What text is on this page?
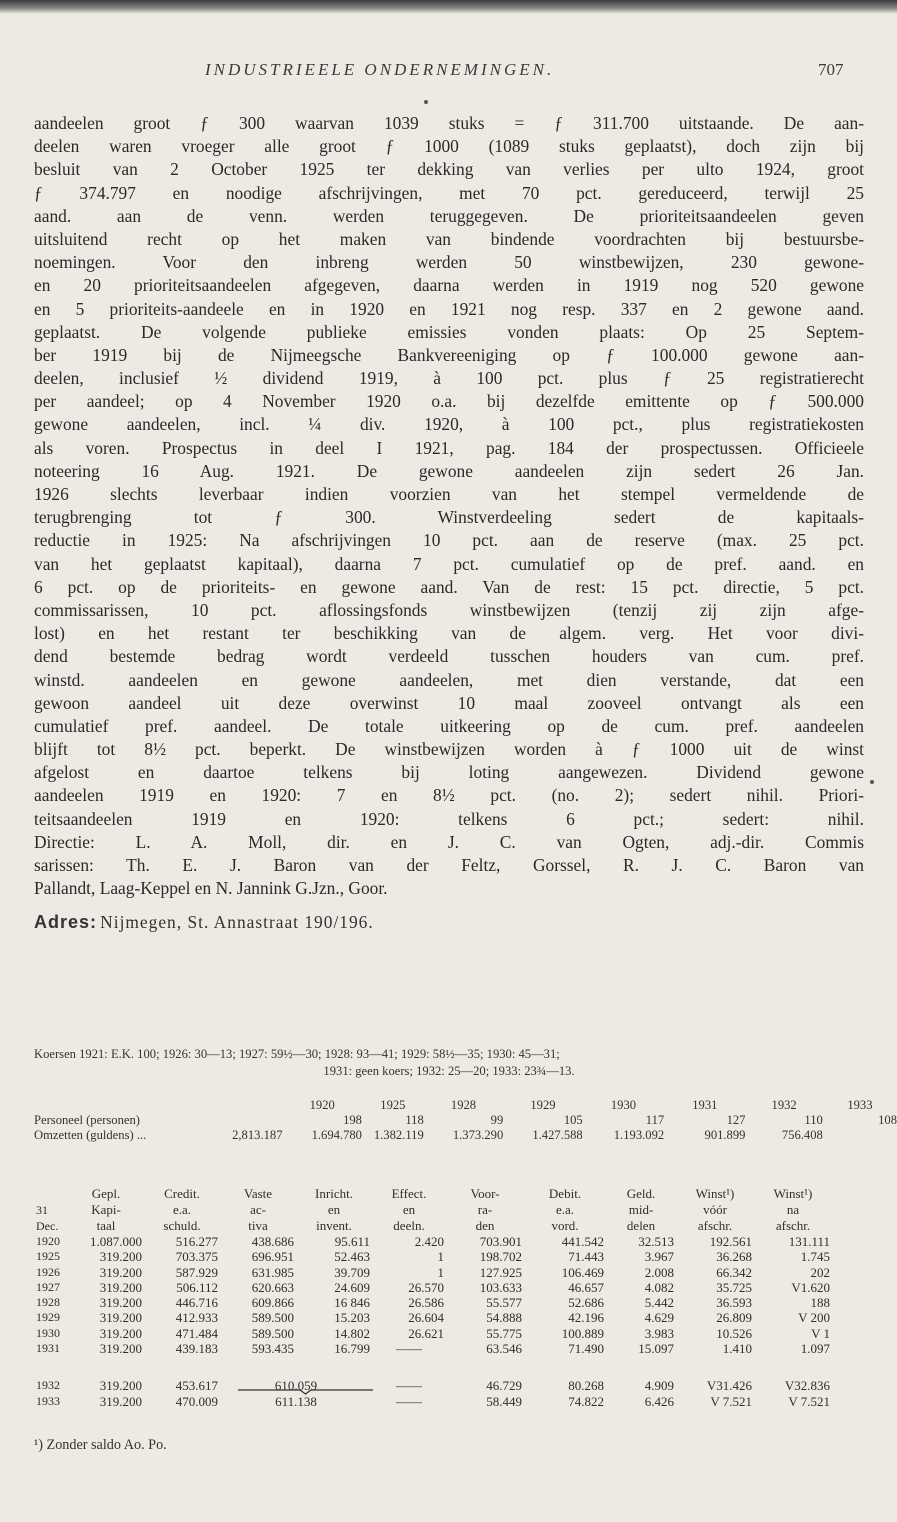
INDUSTRIEELE ONDERNEMINGEN.	707
aandeelen groot ƒ 300 waarvan 1039 stuks = ƒ 311.700 uitstaande. De aan-
deelen waren vroeger alle groot ƒ 1000 (1089 stuks geplaatst), doch zijn bij
besluit van 2 October 1925 ter dekking van verlies per ulto 1924, groot
ƒ 374.797 en noodige afschrijvingen, met 70 pct. gereduceerd, terwijl 25
aand. aan de venn. werden teruggegeven. De prioriteitsaandeelen geven
uitsluitend recht op het maken van bindende voordrachten bij bestuursbe-
noemingen. Voor den inbreng werden 50 winstbewijzen, 230 gewone-
en 20 prioriteitsaandeelen afgegeven, daarna werden in 1919 nog 520 gewone
en 5 prioriteits-aandeele en in 1920 en 1921 nog resp. 337 en 2 gewone aand.
geplaatst. De volgende publieke emissies vonden plaats: Op 25 Septem-
ber 1919 bij de Nijmeegsche Bankvereeniging op ƒ 100.000 gewone aan-
deelen, inclusief ½ dividend 1919, à 100 pct. plus ƒ 25 registratierecht
per aandeel; op 4 November 1920 o.a. bij dezelfde emittente op ƒ 500.000
gewone aandeelen, incl. ¼ div. 1920, à 100 pct., plus registratiekosten
als voren. Prospectus in deel I 1921, pag. 184 der prospectussen. Officieele
noteering 16 Aug. 1921. De gewone aandeelen zijn sedert 26 Jan.
1926 slechts leverbaar indien voorzien van het stempel vermeldende de
terugbrenging tot ƒ 300. Winstverdeeling sedert de kapitaals-
reductie in 1925: Na afschrijvingen 10 pct. aan de reserve (max. 25 pct.
van het geplaatst kapitaal), daarna 7 pct. cumulatief op de pref. aand. en
6 pct. op de prioriteits- en gewone aand. Van de rest: 15 pct. directie, 5 pct.
commissarissen, 10 pct. aflossingsfonds winstbewijzen (tenzij zij zijn afge-
lost) en het restant ter beschikking van de algem. verg. Het voor divi-
dend bestemde bedrag wordt verdeeld tusschen houders van cum. pref.
winstd. aandeelen en gewone aandeelen, met dien verstande, dat een
gewoon aandeel uit deze overwinst 10 maal zooveel ontvangt als een
cumulatief pref. aandeel. De totale uitkeering op de cum. pref. aandeelen
blijft tot 8½ pct. beperkt. De winstbewijzen worden à ƒ 1000 uit de winst
afgelost en daartoe telkens bij loting aangewezen. Dividend gewone
aandeelen 1919 en 1920: 7 en 8½ pct. (no. 2); sedert nihil. Priori-
teitsaandeelen 1919 en 1920: telkens 6 pct.; sedert: nihil.
Directie: L. A. Moll, dir. en J. C. van Ogten, adj.-dir. Commis
sarissen: Th. E. J. Baron van der Feltz, Gorssel, R. J. C. Baron van
Pallandt, Laag-Keppel en N. Jannink G.Jzn., Goor.
Adres: Nijmegen, St. Annastraat 190/196.
Koersen 1921: E.K. 100; 1926: 30—13; 1927: 59½—30; 1928: 93—41; 1929: 58½—35; 1930: 45—31;
1931: geen koers; 1932: 25—20; 1933: 23¾—13.
		1920	1925	1928	1929	1930	1931	1932	1933
Personeel (personen)		198	118	99	105	117	127	110	108
Omzetten (guldens) ...	2,813.187	1.694.780	1.382.119	1.373.290	1.427.588	1.193.092	901.899	756.408	
	Gepl.	Credit.	Vaste	Inricht.	Effect.	Voor-	Debit.	Geld.	Winst¹)	Winst¹)
31	Kapi-	e.a.	ac-	en	en	ra-	e.a.	mid-	vóór	na
Dec.	taal	schuld.	tiva	invent.	deeln.	den	vord.	delen	afschr.	afschr.
1920	1.087.000	516.277	438.686	95.611	2.420	703.901	441.542	32.513	192.561	131.111
1925	319.200	703.375	696.951	52.463	1	198.702	71.443	3.967	36.268	1.745
1926	319.200	587.929	631.985	39.709	1	127.925	106.469	2.008	66.342	202
1927	319.200	506.112	620.663	24.609	26.570	103.633	46.657	4.082	35.725	V1.620
1928	319.200	446.716	609.866	16 846	26.586	55.577	52.686	5.442	36.593	188
1929	319.200	412.933	589.500	15.203	26.604	54.888	42.196	4.629	26.809	V 200
1930	319.200	471.484	589.500	14.802	26.621	55.775	100.889	3.983	10.526	V 1
1931	319.200	439.183	593.435	16.799	——	63.546	71.490	15.097	1.410	1.097

1932	319.200	453.617	610.059		——	46.729	80.268	4.909	V31.426	V32.836
1933	319.200	470.009	611.138		——	58.449	74.822	6.426	V 7.521	V 7.521
¹) Zonder saldo Ao. Po.
